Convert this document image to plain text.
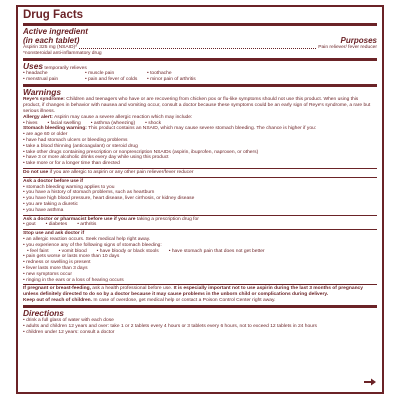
Drug Facts
Active ingredient
(in each tablet)	Purposes
Aspirin 325 mg (NSAID)*	Pain reliever/ fever reducer
*nonsteroidal anti-inflammatory drug
Uses temporarily relieves
• headache	• muscle pain	• toothache
• menstrual pain	• pain and fever of colds	• minor pain of arthritis
Warnings
Reye's syndrome: Children and teenagers who have or are recovering from chicken pox or flu-like symptoms should not use this product. When using this product, if changes in behavior with nausea and vomiting occur, consult a doctor because these symptoms could be an early sign of Reye's syndrome, a rare but serious illness.
Allergy alert: Aspirin may cause a severe allergic reaction which may include:
• hives	• facial swelling	• asthma (wheezing)	• shock
Stomach bleeding warning: This product contains an NSAID, which may cause severe stomach bleeding. The chance is higher if you:
• are age 60 or older
• have had stomach ulcers or bleeding problems
• take a blood thinning (anticoagulant) or steroid drug
• take other drugs containing prescription or nonprescription NSAIDs (aspirin, ibuprofen, naproxen, or others)
• have 3 or more alcoholic drinks every day while using this product
• take more or for a longer time than directed
Do not use if you are allergic to aspirin or any other pain reliever/fever reducer
Ask a doctor before use if
• stomach bleeding warning applies to you
• you have a history of stomach problems, such as heartburn
• you have high blood pressure, heart disease, liver cirrhosis, or kidney disease
• you are taking a diuretic
• you have asthma
Ask a doctor or pharmacist before use if you are taking a prescription drug for
• gout	• diabetes	• arthritis
Stop use and ask doctor if
• an allergic reaction occurs. Seek medical help right away.
• you experience any of the following signs of stomach bleeding:
• feel faint	• vomit blood	• have bloody or black stools	• have stomach pain that does not get better
• pain gets worse or lasts more than 10 days
• redness or swelling is present
• fever lasts more than 3 days
• new symptoms occur
• ringing in the ears or a loss of hearing occurs
If pregnant or breast-feeding, ask a health professional before use. It is especially important not to use aspirin during the last 3 months of pregnancy unless definitely directed to do so by a doctor because it may cause problems in the unborn child or complications during delivery.
Keep out of reach of children. In case of overdose, get medical help or contact a Poison Control Center right away.
Directions
• drink a full glass of water with each dose
• adults and children 12 years and over: take 1 or 2 tablets every 4 hours or 3 tablets every 6 hours, not to exceed 12 tablets in 24 hours
• children under 12 years: consult a doctor
